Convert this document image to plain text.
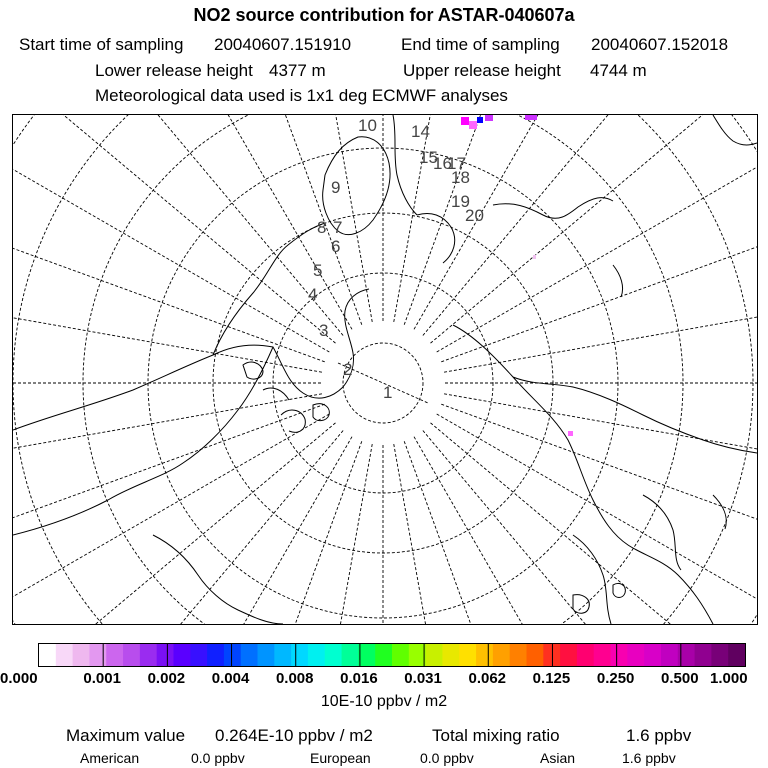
NO2 source contribution for ASTAR-040607a
Start time of sampling 20040607.151910	End time of sampling 20040607.152018
Lower release height 4377 m	Upper release height 4744 m
Meteorological data used is 1x1 deg ECMWF analyses
1
2
3
4
5
6
7
8
9
10 14
15
16
17
18
19
20
0.000	0.001 0.002 0.004 0.008 0.016 0.031 0.062 0.125 0.250 0.500 1.000
10E-10 ppbv / m2
Maximum value 0.264E-10 ppbv / m2	Total mixing ratio	1.6 ppbv
American	0.0 ppbv	European	0.0 ppbv	Asian	1.6 ppbv
